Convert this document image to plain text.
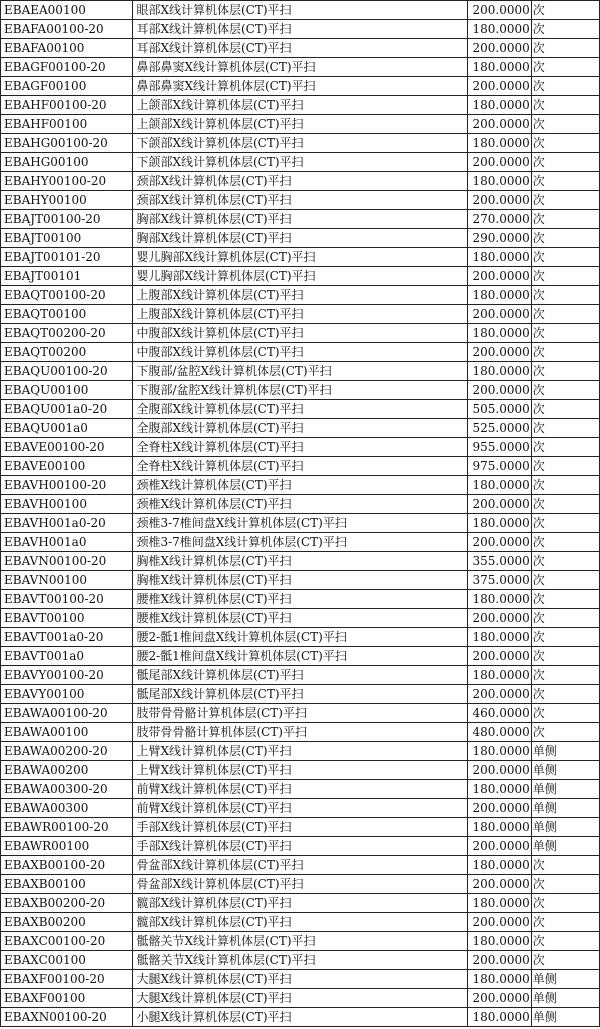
EBAEA00100	眼部X线计算机体层(CT)平扫	200.0000	次
EBAFA00100-20	耳部X线计算机体层(CT)平扫	180.0000	次
EBAFA00100	耳部X线计算机体层(CT)平扫	200.0000	次
EBAGF00100-20	鼻部鼻窦X线计算机体层(CT)平扫	180.0000	次
EBAGF00100	鼻部鼻窦X线计算机体层(CT)平扫	200.0000	次
EBAHF00100-20	上颌部X线计算机体层(CT)平扫	180.0000	次
EBAHF00100	上颌部X线计算机体层(CT)平扫	200.0000	次
EBAHG00100-20	下颌部X线计算机体层(CT)平扫	180.0000	次
EBAHG00100	下颌部X线计算机体层(CT)平扫	200.0000	次
EBAHY00100-20	颈部X线计算机体层(CT)平扫	180.0000	次
EBAHY00100	颈部X线计算机体层(CT)平扫	200.0000	次
EBAJT00100-20	胸部X线计算机体层(CT)平扫	270.0000	次
EBAJT00100	胸部X线计算机体层(CT)平扫	290.0000	次
EBAJT00101-20	婴儿胸部X线计算机体层(CT)平扫	180.0000	次
EBAJT00101	婴儿胸部X线计算机体层(CT)平扫	200.0000	次
EBAQT00100-20	上腹部X线计算机体层(CT)平扫	180.0000	次
EBAQT00100	上腹部X线计算机体层(CT)平扫	200.0000	次
EBAQT00200-20	中腹部X线计算机体层(CT)平扫	180.0000	次
EBAQT00200	中腹部X线计算机体层(CT)平扫	200.0000	次
EBAQU00100-20	下腹部/盆腔X线计算机体层(CT)平扫	180.0000	次
EBAQU00100	下腹部/盆腔X线计算机体层(CT)平扫	200.0000	次
EBAQU001a0-20	全腹部X线计算机体层(CT)平扫	505.0000	次
EBAQU001a0	全腹部X线计算机体层(CT)平扫	525.0000	次
EBAVE00100-20	全脊柱X线计算机体层(CT)平扫	955.0000	次
EBAVE00100	全脊柱X线计算机体层(CT)平扫	975.0000	次
EBAVH00100-20	颈椎X线计算机体层(CT)平扫	180.0000	次
EBAVH00100	颈椎X线计算机体层(CT)平扫	200.0000	次
EBAVH001a0-20	颈椎3-7椎间盘X线计算机体层(CT)平扫	180.0000	次
EBAVH001a0	颈椎3-7椎间盘X线计算机体层(CT)平扫	200.0000	次
EBAVN00100-20	胸椎X线计算机体层(CT)平扫	355.0000	次
EBAVN00100	胸椎X线计算机体层(CT)平扫	375.0000	次
EBAVT00100-20	腰椎X线计算机体层(CT)平扫	180.0000	次
EBAVT00100	腰椎X线计算机体层(CT)平扫	200.0000	次
EBAVT001a0-20	腰2-骶1椎间盘X线计算机体层(CT)平扫	180.0000	次
EBAVT001a0	腰2-骶1椎间盘X线计算机体层(CT)平扫	200.0000	次
EBAVY00100-20	骶尾部X线计算机体层(CT)平扫	180.0000	次
EBAVY00100	骶尾部X线计算机体层(CT)平扫	200.0000	次
EBAWA00100-20	肢带骨骨骼计算机体层(CT)平扫	460.0000	次
EBAWA00100	肢带骨骨骼计算机体层(CT)平扫	480.0000	次
EBAWA00200-20	上臂X线计算机体层(CT)平扫	180.0000	单侧
EBAWA00200	上臂X线计算机体层(CT)平扫	200.0000	单侧
EBAWA00300-20	前臂X线计算机体层(CT)平扫	180.0000	单侧
EBAWA00300	前臂X线计算机体层(CT)平扫	200.0000	单侧
EBAWR00100-20	手部X线计算机体层(CT)平扫	180.0000	单侧
EBAWR00100	手部X线计算机体层(CT)平扫	200.0000	单侧
EBAXB00100-20	骨盆部X线计算机体层(CT)平扫	180.0000	次
EBAXB00100	骨盆部X线计算机体层(CT)平扫	200.0000	次
EBAXB00200-20	髋部X线计算机体层(CT)平扫	180.0000	次
EBAXB00200	髋部X线计算机体层(CT)平扫	200.0000	次
EBAXC00100-20	骶髂关节X线计算机体层(CT)平扫	180.0000	次
EBAXC00100	骶髂关节X线计算机体层(CT)平扫	200.0000	次
EBAXF00100-20	大腿X线计算机体层(CT)平扫	180.0000	单侧
EBAXF00100	大腿X线计算机体层(CT)平扫	200.0000	单侧
EBAXN00100-20	小腿X线计算机体层(CT)平扫	180.0000	单侧
